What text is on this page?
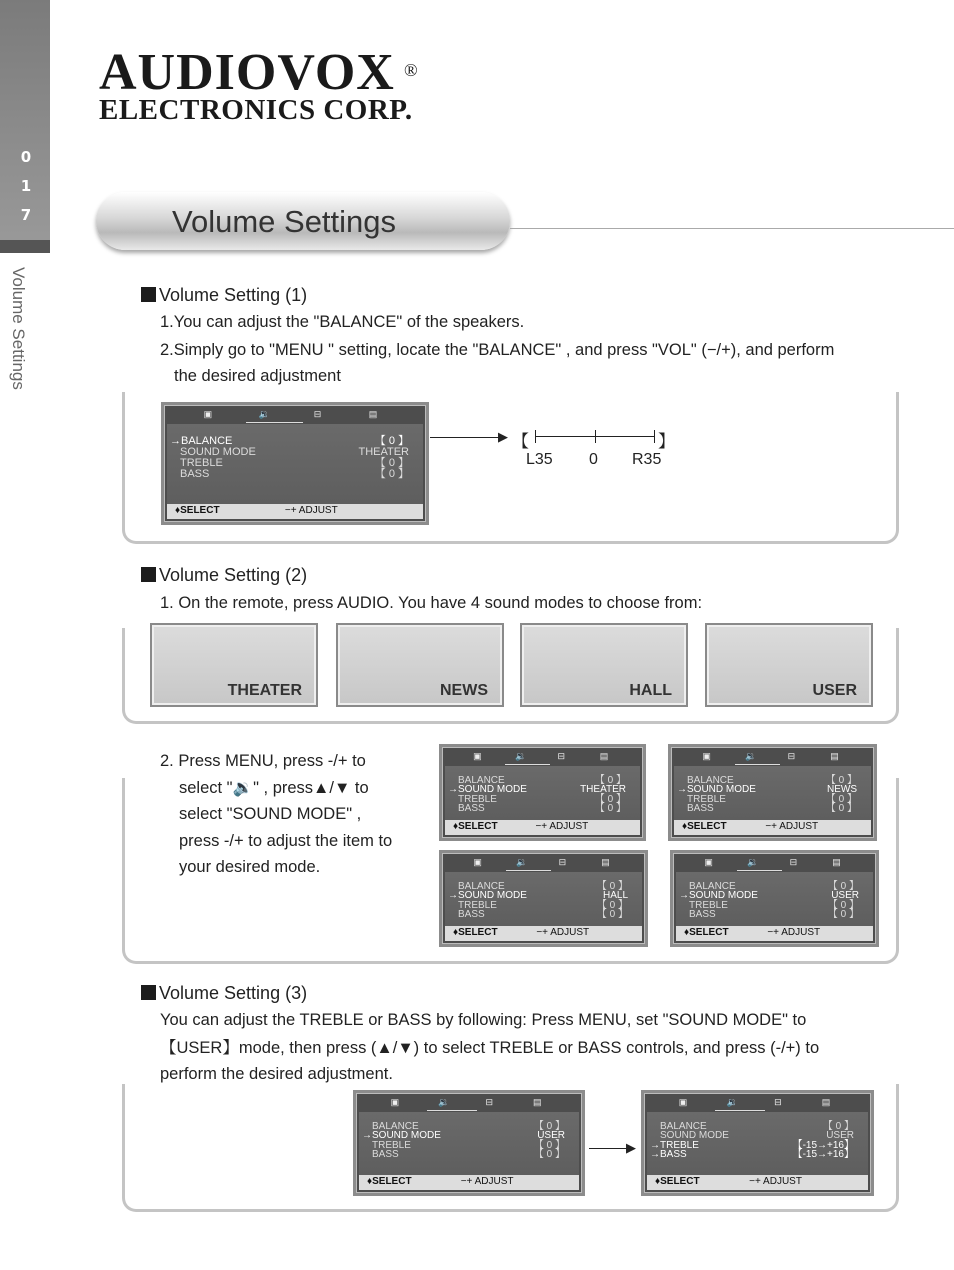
0
1
7
Volume Settings
AUDIOVOX ®
ELECTRONICS CORP.
Volume Settings
Volume Setting (1)
1.You can adjust the "BALANCE" of the speakers.
2.Simply go to "MENU " setting, locate the "BALANCE" , and press "VOL" (−/+), and perform
the desired adjustment
▣	🔉	⊟	▤
→BALANCE	【 0 】
SOUND MODE	THEATER
TREBLE	【 0 】
BASS	【 0 】
♦SELECT	−+ ADJUST
▶ 【	】
L35 0 R35
Volume Setting (2)
1. On the remote, press AUDIO. You have 4 sound modes to choose from:
THEATER	NEWS	HALL	USER
2. Press MENU, press -/+ to
select "🔉" , press▲/▼ to
select "SOUND MODE" ,
press -/+ to adjust the item to
your desired mode.
▣	🔉	⊟	▤
BALANCE	【 0 】
→SOUND MODE	THEATER
TREBLE	【 0 】
BASS	【 0 】
♦SELECT	−+ ADJUST
▣	🔉	⊟	▤
BALANCE	【 0 】
→SOUND MODE	NEWS
TREBLE	【 0 】
BASS	【 0 】
♦SELECT	−+ ADJUST
▣	🔉	⊟	▤
BALANCE	【 0 】
→SOUND MODE	HALL
TREBLE	【 0 】
BASS	【 0 】
♦SELECT	−+ ADJUST
▣	🔉	⊟	▤
BALANCE	【 0 】
→SOUND MODE	USER
TREBLE	【 0 】
BASS	【 0 】
♦SELECT	−+ ADJUST
Volume Setting (3)
You can adjust the TREBLE or BASS by following: Press MENU, set "SOUND MODE" to
【USER】mode, then press (▲/▼) to select TREBLE or BASS controls, and press (-/+) to
perform the desired adjustment.
▣	🔉	⊟	▤
BALANCE	【 0 】
→SOUND MODE	USER
TREBLE	【 0 】
BASS	【 0 】
♦SELECT	−+ ADJUST
▶
▣	🔉	⊟	▤
BALANCE	【 0 】
SOUND MODE	USER
→TREBLE	【-15→+16】
→BASS	【-15→+16】
♦SELECT	−+ ADJUST
